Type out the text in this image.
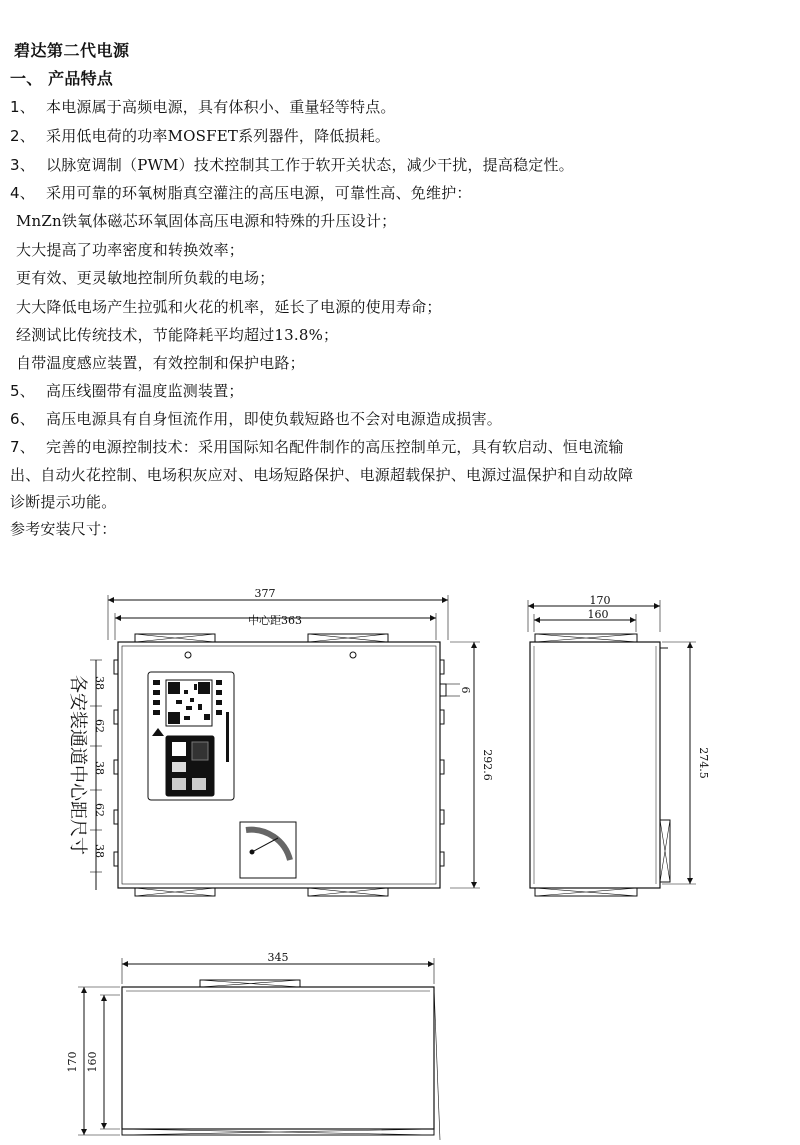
碧达第二代电源
一、 产品特点
1、 本电源属于高频电源，具有体积小、重量轻等特点。
2、 采用低电荷的功率MOSFET系列器件，降低损耗。
3、 以脉宽调制（PWM）技术控制其工作于软开关状态，减少干扰，提高稳定性。
4、 采用可靠的环氧树脂真空灌注的高压电源，可靠性高、免维护：
MnZn铁氧体磁芯环氧固体高压电源和特殊的升压设计；
大大提高了功率密度和转换效率；
更有效、更灵敏地控制所负载的电场；
大大降低电场产生拉弧和火花的机率，延长了电源的使用寿命；
经测试比传统技术，节能降耗平均超过13.8%；
自带温度感应装置，有效控制和保护电路；
5、 高压线圈带有温度监测装置；
6、 高压电源具有自身恒流作用，即使负载短路也不会对电源造成损害。
7、 完善的电源控制技术：采用国际知名配件制作的高压控制单元，具有软启动、恒电流输
出、自动火花控制、电场积灰应对、电场短路保护、电源超载保护、电源过温保护和自动故障
诊断提示功能。
参考安装尺寸：
377
中心距363
292.6
6
38
62
38
62
38
各安装通道中心距尺寸
170
160
274.5
345
170 160
